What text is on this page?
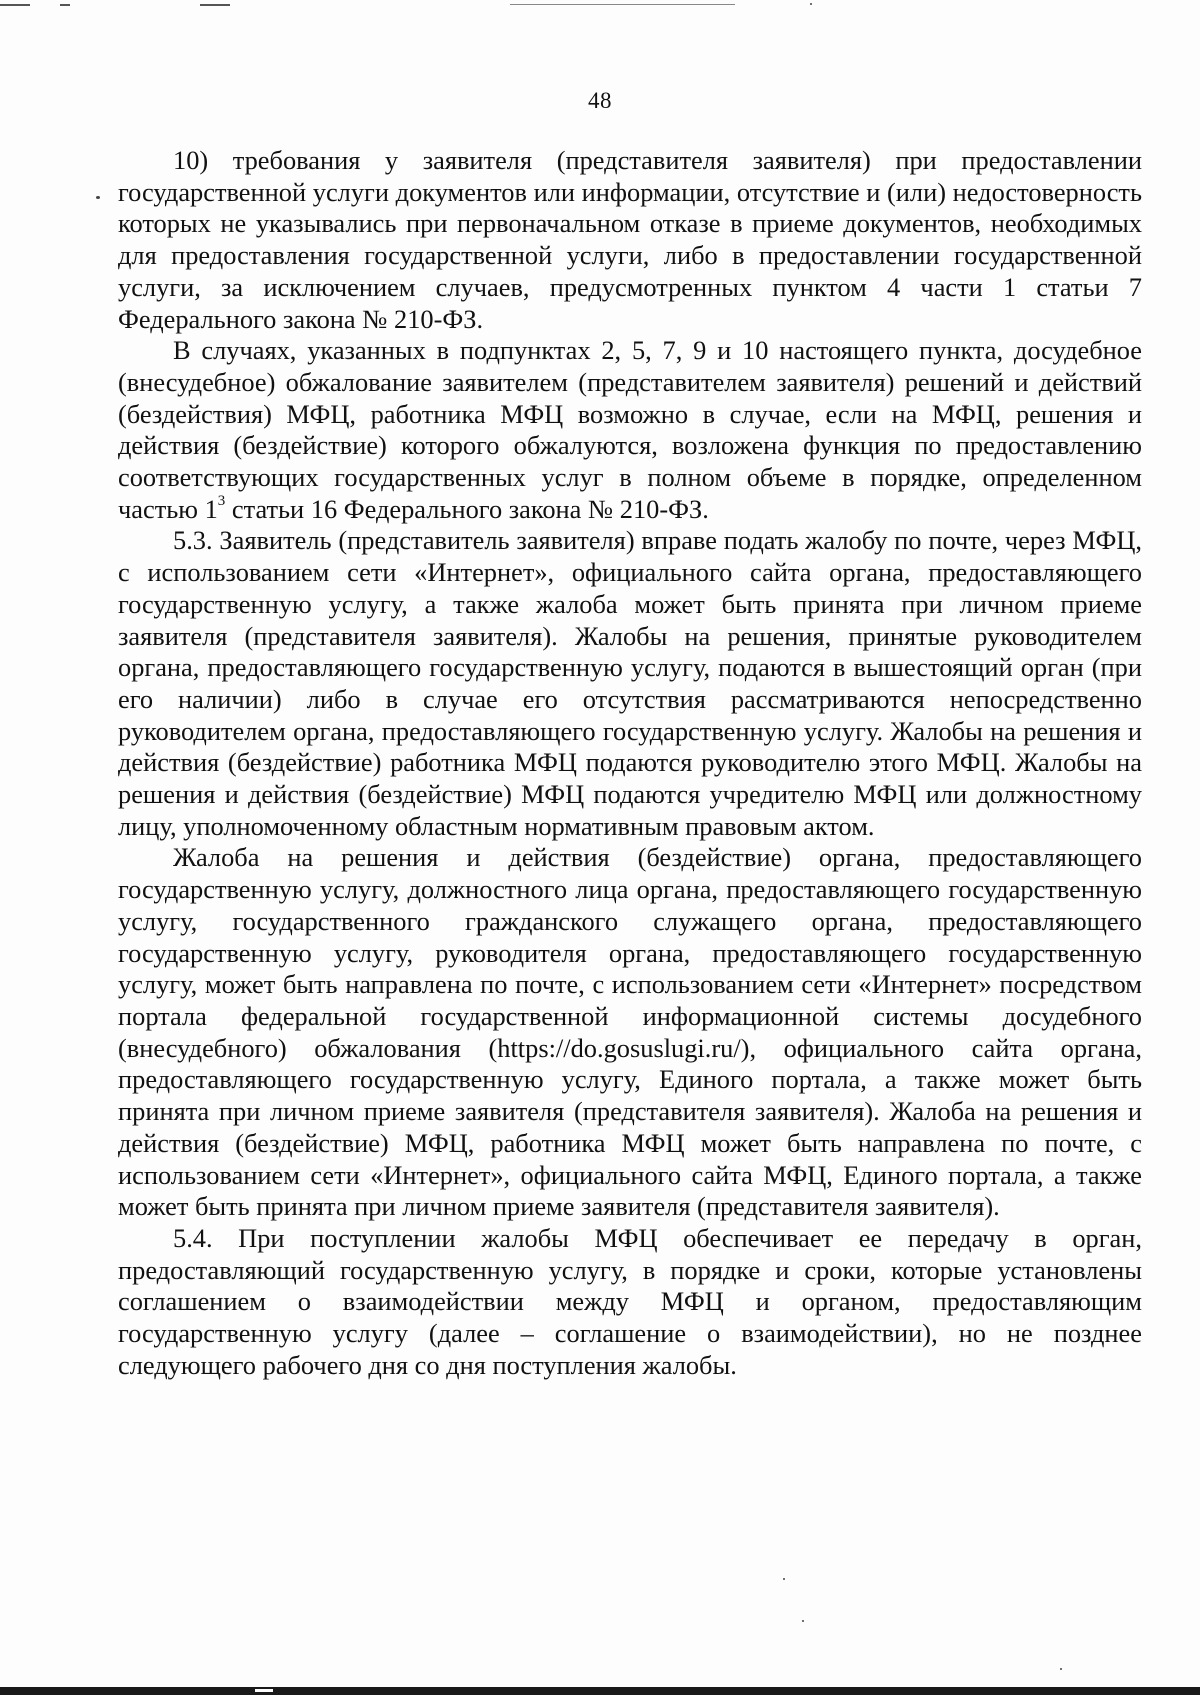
48

10) требования у заявителя (представителя заявителя) при предоставлении государственной услуги документов или информации, отсутствие и (или) недостоверность которых не указывались при первоначальном отказе в приеме документов, необходимых для предоставления государственной услуги, либо в предоставлении государственной услуги, за исключением случаев, предусмотренных пунктом 4 части 1 статьи 7 Федерального закона № 210-ФЗ.

В случаях, указанных в подпунктах 2, 5, 7, 9 и 10 настоящего пункта, досудебное (внесудебное) обжалование заявителем (представителем заявителя) решений и действий (бездействия) МФЦ, работника МФЦ возможно в случае, если на МФЦ, решения и действия (бездействие) которого обжалуются, возложена функция по предоставлению соответствующих государственных услуг в полном объеме в порядке, определенном частью $1^3$ статьи 16 Федерального закона № 210-ФЗ.

5.3. Заявитель (представитель заявителя) вправе подать жалобу по почте, через МФЦ, с использованием сети «Интернет», официального сайта органа, предоставляющего государственную услугу, а также жалоба может быть принята при личном приеме заявителя (представителя заявителя). Жалобы на решения, принятые руководителем органа, предоставляющего государственную услугу, подаются в вышестоящий орган (при его наличии) либо в случае его отсутствия рассматриваются непосредственно руководителем органа, предоставляющего государственную услугу. Жалобы на решения и действия (бездействие) работника МФЦ подаются руководителю этого МФЦ. Жалобы на решения и действия (бездействие) МФЦ подаются учредителю МФЦ или должностному лицу, уполномоченному областным нормативным правовым актом.

Жалоба на решения и действия (бездействие) органа, предоставляющего государственную услугу, должностного лица органа, предоставляющего государственную услугу, государственного гражданского служащего органа, предоставляющего государственную услугу, руководителя органа, предоставляющего государственную услугу, может быть направлена по почте, с использованием сети «Интернет» посредством портала федеральной государственной информационной системы досудебного (внесудебного) обжалования (https://do.gosuslugi.ru/), официального сайта органа, предоставляющего государственную услугу, Единого портала, а также может быть принята при личном приеме заявителя (представителя заявителя). Жалоба на решения и действия (бездействие) МФЦ, работника МФЦ может быть направлена по почте, с использованием сети «Интернет», официального сайта МФЦ, Единого портала, а также может быть принята при личном приеме заявителя (представителя заявителя).

5.4. При поступлении жалобы МФЦ обеспечивает ее передачу в орган, предоставляющий государственную услугу, в порядке и сроки, которые установлены соглашением о взаимодействии между МФЦ и органом, предоставляющим государственную услугу (далее – соглашение о взаимодействии), но не позднее следующего рабочего дня со дня поступления жалобы.
